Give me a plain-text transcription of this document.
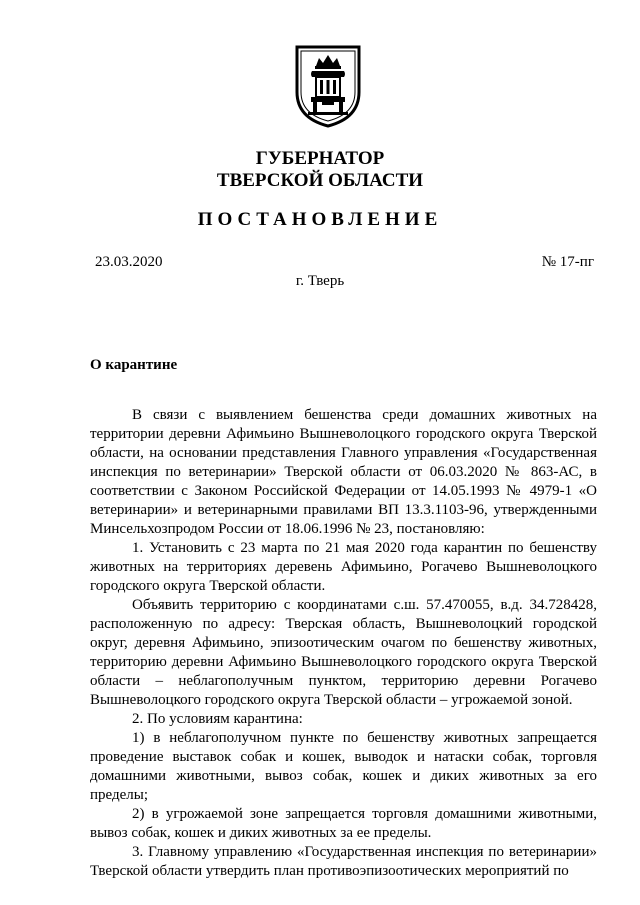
ГУБЕРНАТОР
ТВЕРСКОЙ ОБЛАСТИ
ПОСТАНОВЛЕНИЕ
23.03.2020	№ 17-пг
г. Тверь
О карантине

В связи с выявлением бешенства среди домашних животных на территории деревни Афимьино Вышневолоцкого городского округа Тверской области, на основании представления Главного управления «Государственная инспекция по ветеринарии» Тверской области от 06.03.2020 № 863-АС, в соответствии с Законом Российской Федерации от 14.05.1993 № 4979-1 «О ветеринарии» и ветеринарными правилами ВП 13.3.1103-96, утвержденными Минсельхозпродом России от 18.06.1996 № 23, постановляю:

1. Установить с 23 марта по 21 мая 2020 года карантин по бешенству животных на территориях деревень Афимьино, Рогачево Вышневолоцкого городского округа Тверской области.

Объявить территорию с координатами с.ш. 57.470055, в.д. 34.728428, расположенную по адресу: Тверская область, Вышневолоцкий городской округ, деревня Афимьино, эпизоотическим очагом по бешенству животных, территорию деревни Афимьино Вышневолоцкого городского округа Тверской области – неблагополучным пунктом, территорию деревни Рогачево Вышневолоцкого городского округа Тверской области – угрожаемой зоной.

2. По условиям карантина:

1) в неблагополучном пункте по бешенству животных запрещается проведение выставок собак и кошек, выводок и натаски собак, торговля домашними животными, вывоз собак, кошек и диких животных за его пределы;

2) в угрожаемой зоне запрещается торговля домашними животными, вывоз собак, кошек и диких животных за ее пределы.

3. Главному управлению «Государственная инспекция по ветеринарии» Тверской области утвердить план противоэпизоотических мероприятий по
